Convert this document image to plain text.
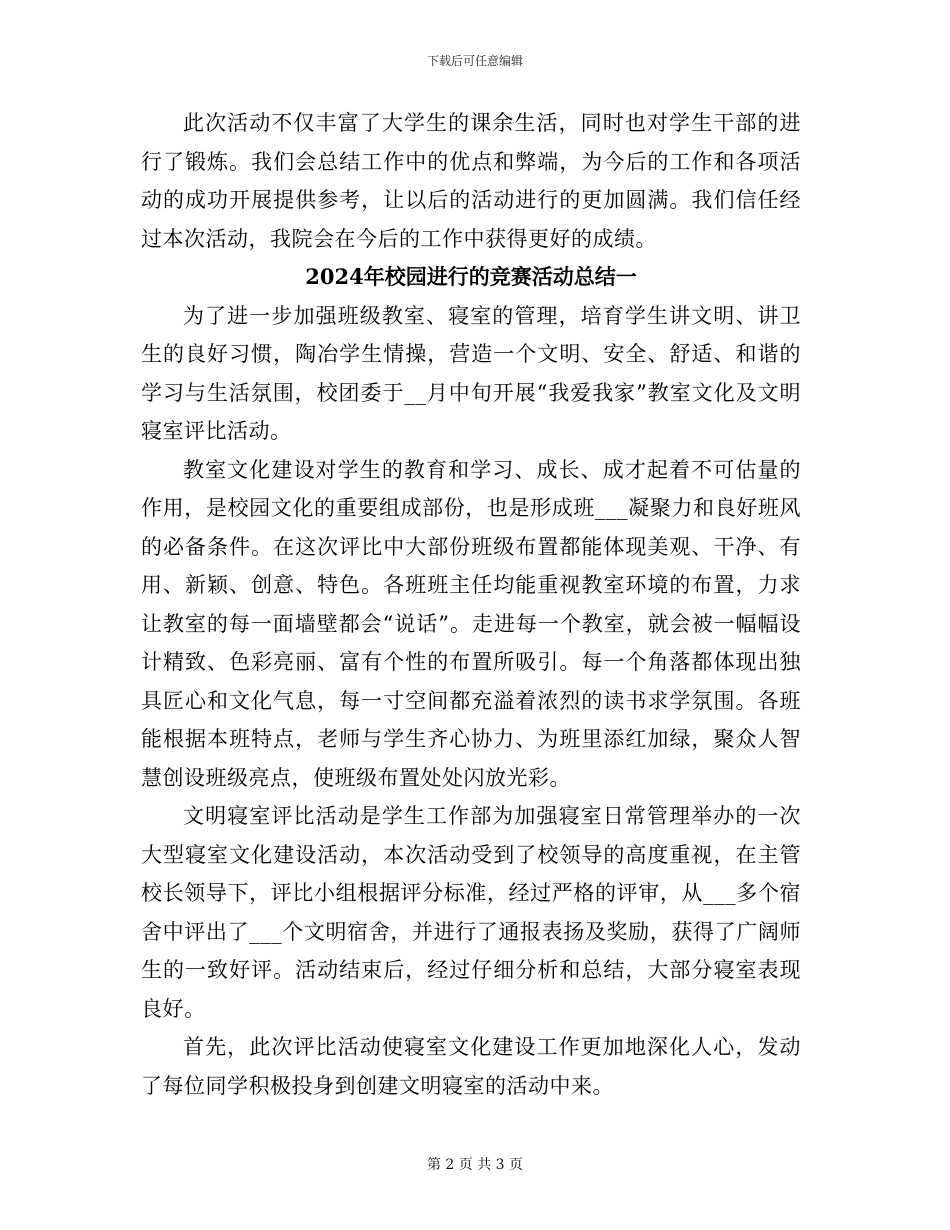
下载后可任意编辑

此次活动不仅丰富了大学生的课余生活，同时也对学生干部的进行了锻炼。我们会总结工作中的优点和弊端，为今后的工作和各项活动的成功开展提供参考，让以后的活动进行的更加圆满。我们信任经过本次活动，我院会在今后的工作中获得更好的成绩。

2024年校园进行的竞赛活动总结一

为了进一步加强班级教室、寝室的管理，培育学生讲文明、讲卫生的良好习惯，陶冶学生情操，营造一个文明、安全、舒适、和谐的学习与生活氛围，校团委于__月中旬开展“我爱我家”教室文化及文明寝室评比活动。

教室文化建设对学生的教育和学习、成长、成才起着不可估量的作用，是校园文化的重要组成部份，也是形成班___凝聚力和良好班风的必备条件。在这次评比中大部份班级布置都能体现美观、干净、有用、新颖、创意、特色。各班班主任均能重视教室环境的布置，力求让教室的每一面墙壁都会“说话”。走进每一个教室，就会被一幅幅设计精致、色彩亮丽、富有个性的布置所吸引。每一个角落都体现出独具匠心和文化气息，每一寸空间都充溢着浓烈的读书求学氛围。各班能根据本班特点，老师与学生齐心协力、为班里添红加绿，聚众人智慧创设班级亮点，使班级布置处处闪放光彩。

文明寝室评比活动是学生工作部为加强寝室日常管理举办的一次大型寝室文化建设活动，本次活动受到了校领导的高度重视，在主管校长领导下，评比小组根据评分标准，经过严格的评审，从___多个宿舍中评出了___个文明宿舍，并进行了通报表扬及奖励，获得了广阔师生的一致好评。活动结束后，经过仔细分析和总结，大部分寝室表现良好。

首先，此次评比活动使寝室文化建设工作更加地深化人心，发动了每位同学积极投身到创建文明寝室的活动中来。

第 2 页 共 3 页
